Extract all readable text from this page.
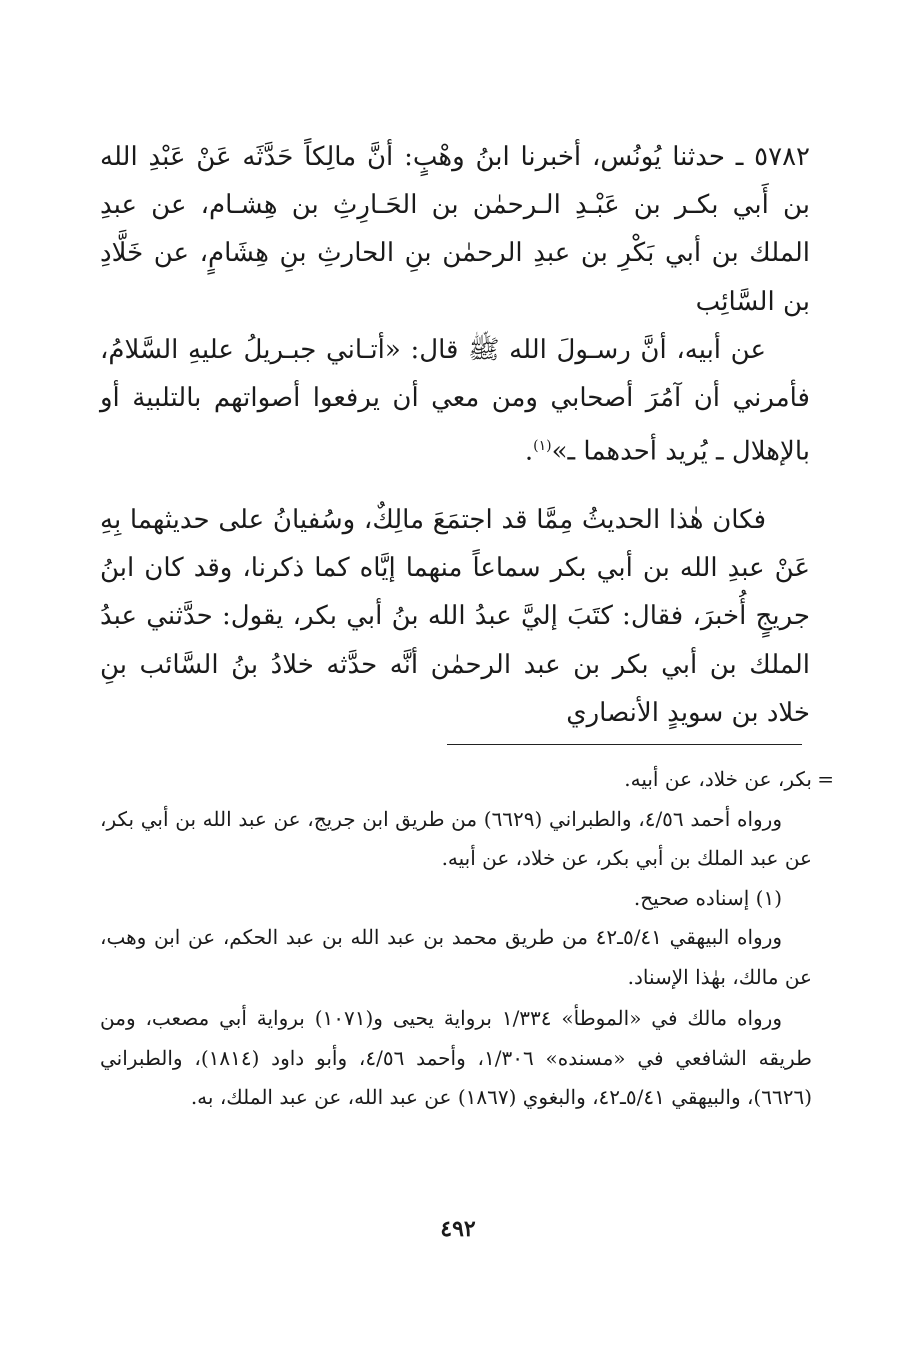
٥٧٨٢ ـ حدثنا يُونُس، أخبرنا ابنُ وهْبٍ: أنَّ مالِكاً حَدَّثَه عَنْ عَبْدِ الله بن أَبي بكـر بن عَبْـدِ الـرحمٰن بن الحَـارِثِ بن هِشـام، عن عبدِ الملك بن أبي بَكْرِ بن عبدِ الرحمٰن بنِ الحارثِ بنِ هِشَامٍ، عن خَلَّادِ بن السَّائِب

عن أبيه، أنَّ رسـولَ الله ﷺ قال: «أتـاني جبـريلُ عليهِ السَّلامُ، فأمرني أن آمُرَ أصحابي ومن معي أن يرفعوا أصواتهم بالتلبية أو بالإهلال ـ يُريد أحدهما ـ»$^{(١)}$.

فكان هٰذا الحديثُ مِمَّا قد اجتمَعَ مالِكٌ، وسُفيانُ على حديثهما بِهِ عَنْ عبدِ الله بن أبي بكر سماعاً منهما إيَّاه كما ذكرنا، وقد كان ابنُ جريجٍ أُخبرَ، فقال: كتَبَ إليَّ عبدُ الله بنُ أبي بكر، يقول: حدَّثني عبدُ الملك بن أبي بكر بن عبد الرحمٰن أنَّه حدَّثه خلادُ بنُ السَّائب بنِ خلاد بن سويدٍ الأنصاري

=
بكر، عن خلاد، عن أبيه.

ورواه أحمد ٤/٥٦، والطبراني (٦٦٢٩) من طريق ابن جريج، عن عبد الله بن أبي بكر، عن عبد الملك بن أبي بكر، عن خلاد، عن أبيه.

(١) إسناده صحيح.

ورواه البيهقي ٥/٤١ـ٤٢ من طريق محمد بن عبد الله بن عبد الحكم، عن ابن وهب، عن مالك، بهٰذا الإسناد.

ورواه مالك في «الموطأ» ١/٣٣٤ برواية يحيى و(١٠٧١) برواية أبي مصعب، ومن طريقه الشافعي في «مسنده» ١/٣٠٦، وأحمد ٤/٥٦، وأبو داود (١٨١٤)، والطبراني (٦٦٢٦)، والبيهقي ٥/٤١ـ٤٢، والبغوي (١٨٦٧) عن عبد الله، عن عبد الملك، به.

٤٩٢
